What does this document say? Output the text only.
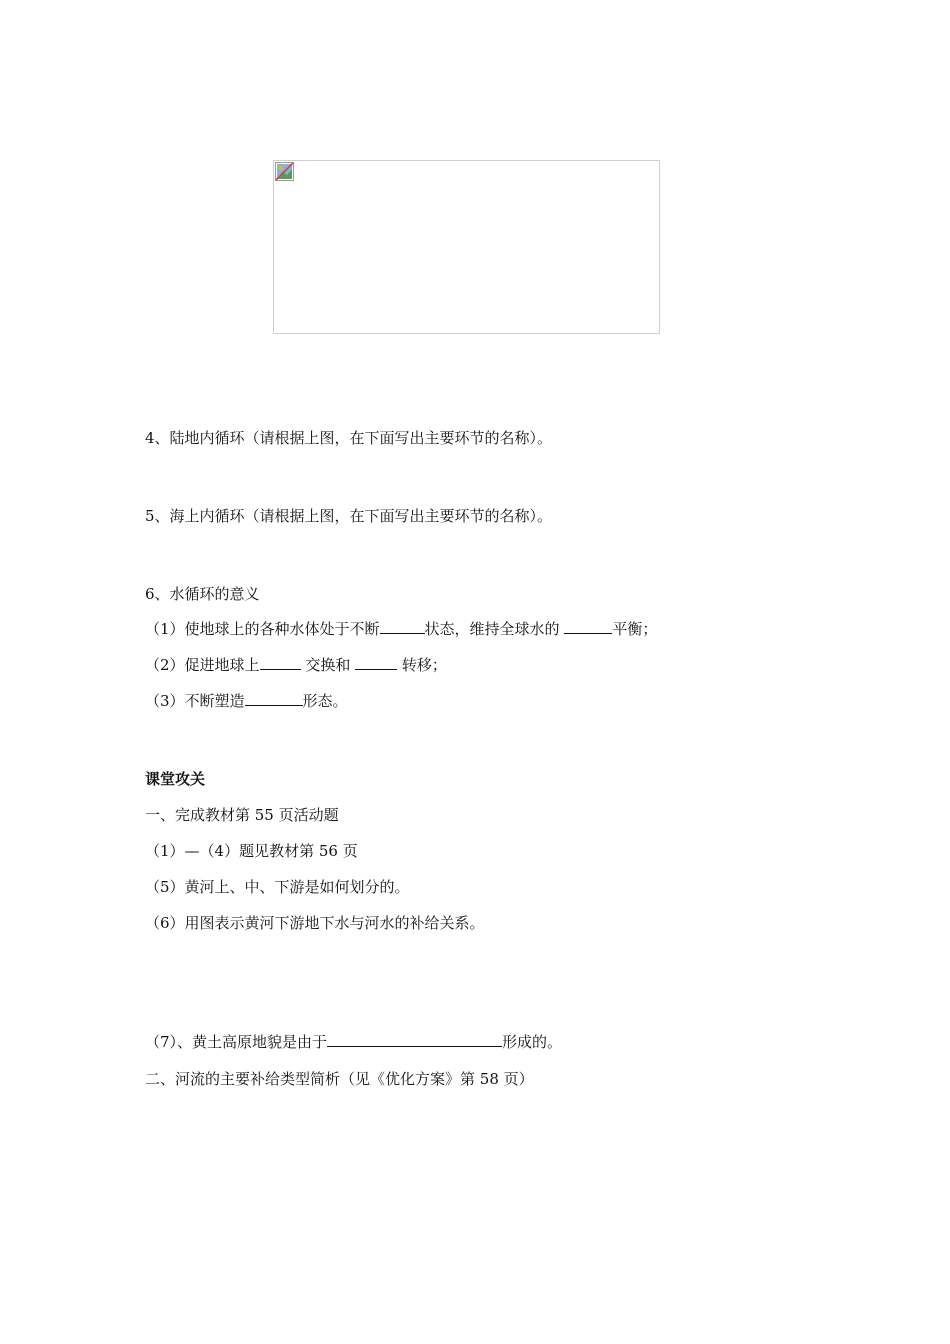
4、陆地内循环（请根据上图，在下面写出主要环节的名称）。
5、海上内循环（请根据上图，在下面写出主要环节的名称）。
6、水循环的意义
（1）使地球上的各种水体处于不断	状态，维持全球水的	平衡；
（2）促进地球上	交换和	转移；
（3）不断塑造	形态。
课堂攻关
一、完成教材第 55 页活动题
（1）—（4）题见教材第 56 页
（5）黄河上、中、下游是如何划分的。
（6）用图表示黄河下游地下水与河水的补给关系。
（7）、黄土高原地貌是由于	形成的。
二、河流的主要补给类型简析（见《优化方案》第 58 页）
